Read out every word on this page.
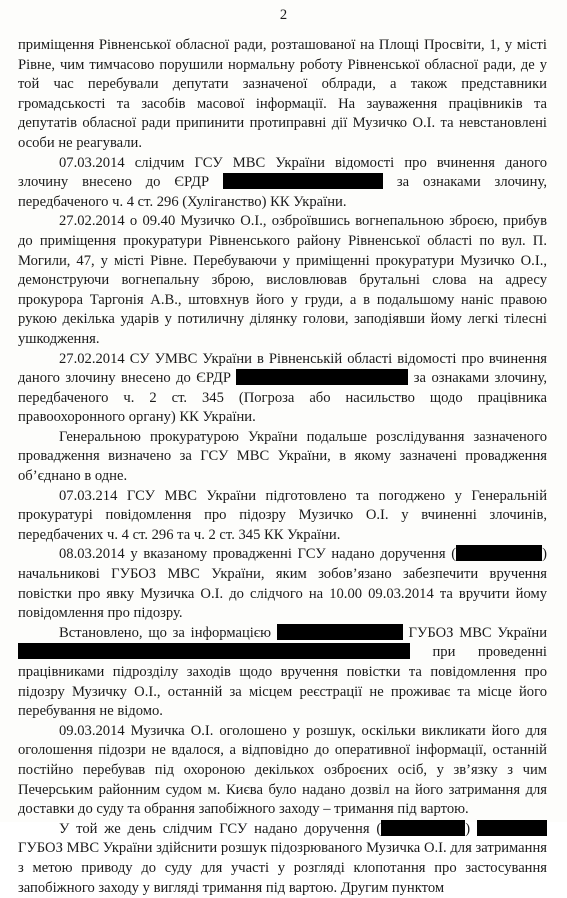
2

приміщення Рівненської обласної ради, розташованої на Площі Просвіти, 1, у місті Рівне, чим тимчасово порушили нормальну роботу Рівненської обласної ради, де у той час перебували депутати зазначеної облради, а також представники громадськості та засобів масової інформації. На зауваження працівників та депутатів обласної ради припинити протиправні дії Музичко О.І. та невстановлені особи не реагували.

07.03.2014 слідчим ГСУ МВС України відомості про вчинення даного злочину внесено до ЄРДР	за ознаками злочину, передбаченого ч. 4 ст. 296 (Хуліганство) КК України.

27.02.2014 о 09.40 Музичко О.І., озброївшись вогнепальною зброєю, прибув до приміщення прокуратури Рівненського району Рівненської області по вул. П. Могили, 47, у місті Рівне. Перебуваючи у приміщенні прокуратури Музичко О.І., демонструючи вогнепальну зброю, висловлював брутальні слова на адресу прокурора Таргонія А.В., штовхнув його у груди, а в подальшому наніс правою рукою декілька ударів у потиличну ділянку голови, заподіявши йому легкі тілесні ушкодження.

27.02.2014 СУ УМВС України в Рівненській області відомості про вчинення даного злочину внесено до ЄРДР	за ознаками злочину, передбаченого ч. 2 ст. 345 (Погроза або насильство щодо працівника правоохоронного органу) КК України.

Генеральною прокуратурою України подальше розслідування зазначеного провадження визначено за ГСУ МВС України, в якому зазначені провадження об’єднано в одне.

07.03.214 ГСУ МВС України підготовлено та погоджено у Генеральній прокуратурі повідомлення про підозру Музичко О.І. у вчиненні злочинів, передбачених ч. 4 ст. 296 та ч. 2 ст. 345 КК України.

08.03.2014 у вказаному провадженні ГСУ надано доручення (	) начальникові ГУБОЗ МВС України, яким зобов’язано забезпечити вручення повістки про явку Музичка О.І. до слідчого на 10.00 09.03.2014 та вручити йому повідомлення про підозру.

Встановлено, що за інформацією	ГУБОЗ МВС України  при проведенні працівниками підрозділу заходів щодо вручення повістки та повідомлення про підозру Музичку О.І., останній за місцем реєстрації не проживає та місце його перебування не відомо.

09.03.2014 Музичка О.І. оголошено у розшук, оскільки викликати його для оголошення підозри не вдалося, а відповідно до оперативної інформації, останній постійно перебував під охороною декількох озброєних осіб, у зв’язку з чим Печерським районним судом м. Києва було надано дозвіл на його затримання для доставки до суду та обрання запобіжного заходу – тримання під вартою.

У той же день слідчим ГСУ надано доручення (	)  ГУБОЗ МВС України здійснити розшук підозрюваного Музичка О.І. для затримання з метою приводу до суду для участі у розгляді клопотання про застосування запобіжного заходу у вигляді тримання під вартою. Другим пунктом
